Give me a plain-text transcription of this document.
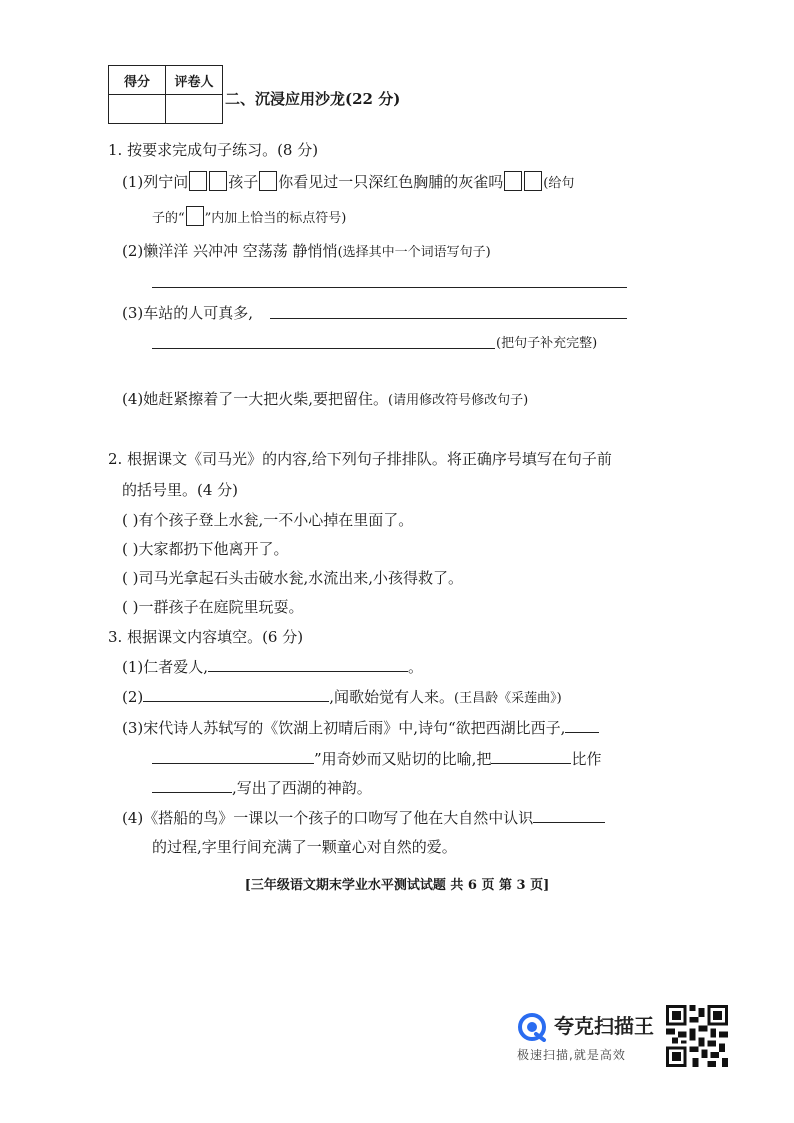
得分	评卷人

二、沉浸应用沙龙(22 分)
1. 按要求完成句子练习。(8 分)
(1)列宁问	孩子 你看见过一只深红色胸脯的灰雀吗	(给句
子的“ ”内加上恰当的标点符号)
(2)懒洋洋 兴冲冲 空荡荡 静悄悄(选择其中一个词语写句子)
(3)车站的人可真多,
(把句子补充完整)
(4)她赶紧擦着了一大把火柴,要把留住。(请用修改符号修改句子)
2. 根据课文《司马光》的内容,给下列句子排排队。将正确序号填写在句子前
的括号里。(4 分)
( )有个孩子登上水瓮,一不小心掉在里面了。
( )大家都扔下他离开了。
( )司马光拿起石头击破水瓮,水流出来,小孩得救了。
( )一群孩子在庭院里玩耍。
3. 根据课文内容填空。(6 分)
(1)仁者爱人,	。
(2)	,闻歌始觉有人来。(王昌龄《采莲曲》)
(3)宋代诗人苏轼写的《饮湖上初晴后雨》中,诗句“欲把西湖比西子,
”用奇妙而又贴切的比喻,把	比作
,写出了西湖的神韵。
(4)《搭船的鸟》一课以一个孩子的口吻写了他在大自然中认识
的过程,字里行间充满了一颗童心对自然的爱。
[三年级语文期末学业水平测试试题 共 6 页 第 3 页]
夸克扫描王
极速扫描,就是高效
